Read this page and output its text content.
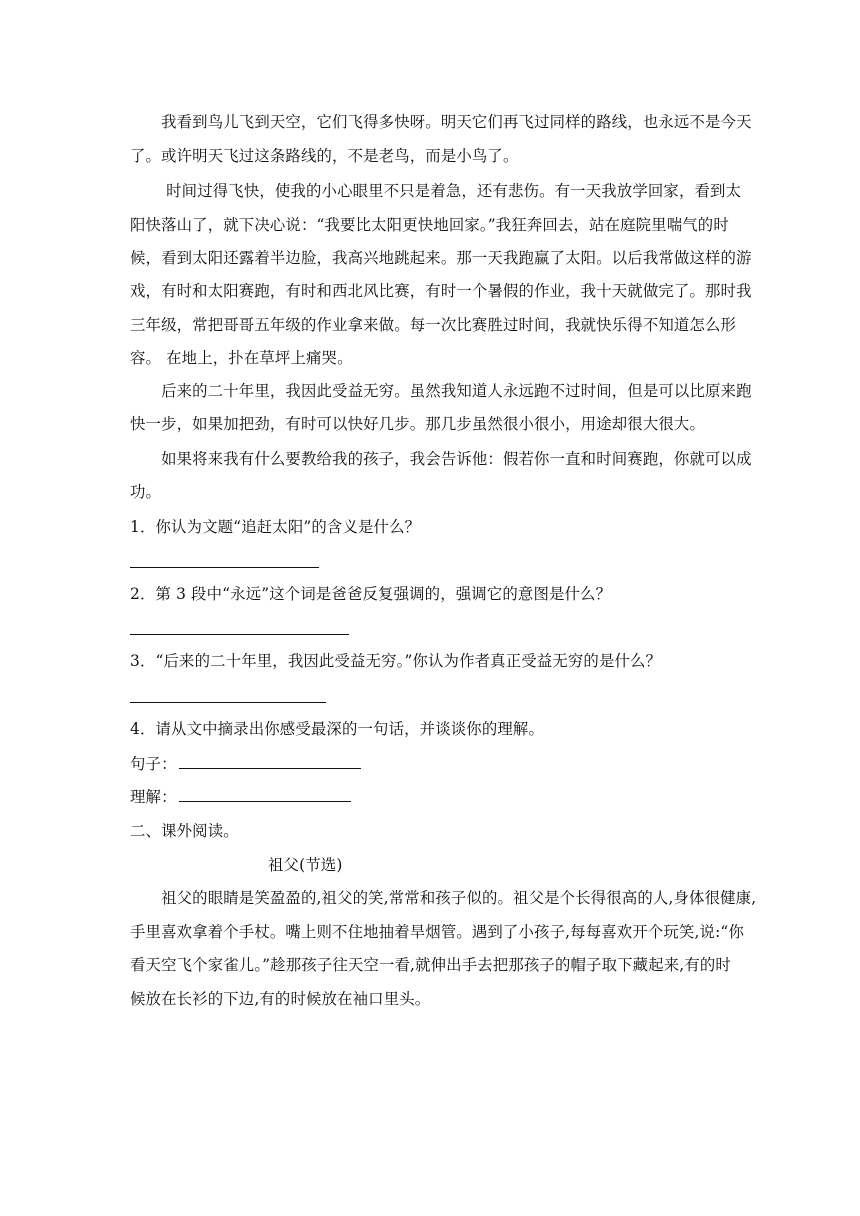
　　我看到鸟儿飞到天空，它们飞得多快呀。明天它们再飞过同样的路线，也永远不是今天
了。或许明天飞过这条路线的，不是老鸟，而是小鸟了。
　　 时间过得飞快，使我的小心眼里不只是着急，还有悲伤。有一天我放学回家，看到太
阳快落山了，就下决心说：“我要比太阳更快地回家。”我狂奔回去，站在庭院里喘气的时
候，看到太阳还露着半边脸，我高兴地跳起来。那一天我跑赢了太阳。以后我常做这样的游
戏，有时和太阳赛跑，有时和西北风比赛，有时一个暑假的作业，我十天就做完了。那时我
三年级，常把哥哥五年级的作业拿来做。每一次比赛胜过时间，我就快乐得不知道怎么形
容。 在地上，扑在草坪上痛哭。
　　后来的二十年里，我因此受益无穷。虽然我知道人永远跑不过时间，但是可以比原来跑
快一步，如果加把劲，有时可以快好几步。那几步虽然很小很小，用途却很大很大。
　　如果将来我有什么要教给我的孩子，我会告诉他：假若你一直和时间赛跑，你就可以成
功。
1．你认为文题“追赶太阳”的含义是什么？
2．第 3 段中“永远”这个词是爸爸反复强调的，强调它的意图是什么？
3．“后来的二十年里，我因此受益无穷。”你认为作者真正受益无穷的是什么？
4．请从文中摘录出你感受最深的一句话，并谈谈你的理解。
句子：
理解：
二、课外阅读。
祖父(节选)
　　祖父的眼睛是笑盈盈的,祖父的笑,常常和孩子似的。祖父是个长得很高的人,身体很健康,
手里喜欢拿着个手杖。嘴上则不住地抽着旱烟管。遇到了小孩子,每每喜欢开个玩笑,说:“你
看天空飞个家雀儿。”趁那孩子往天空一看,就伸出手去把那孩子的帽子取下藏起来,有的时
候放在长衫的下边,有的时候放在袖口里头。
